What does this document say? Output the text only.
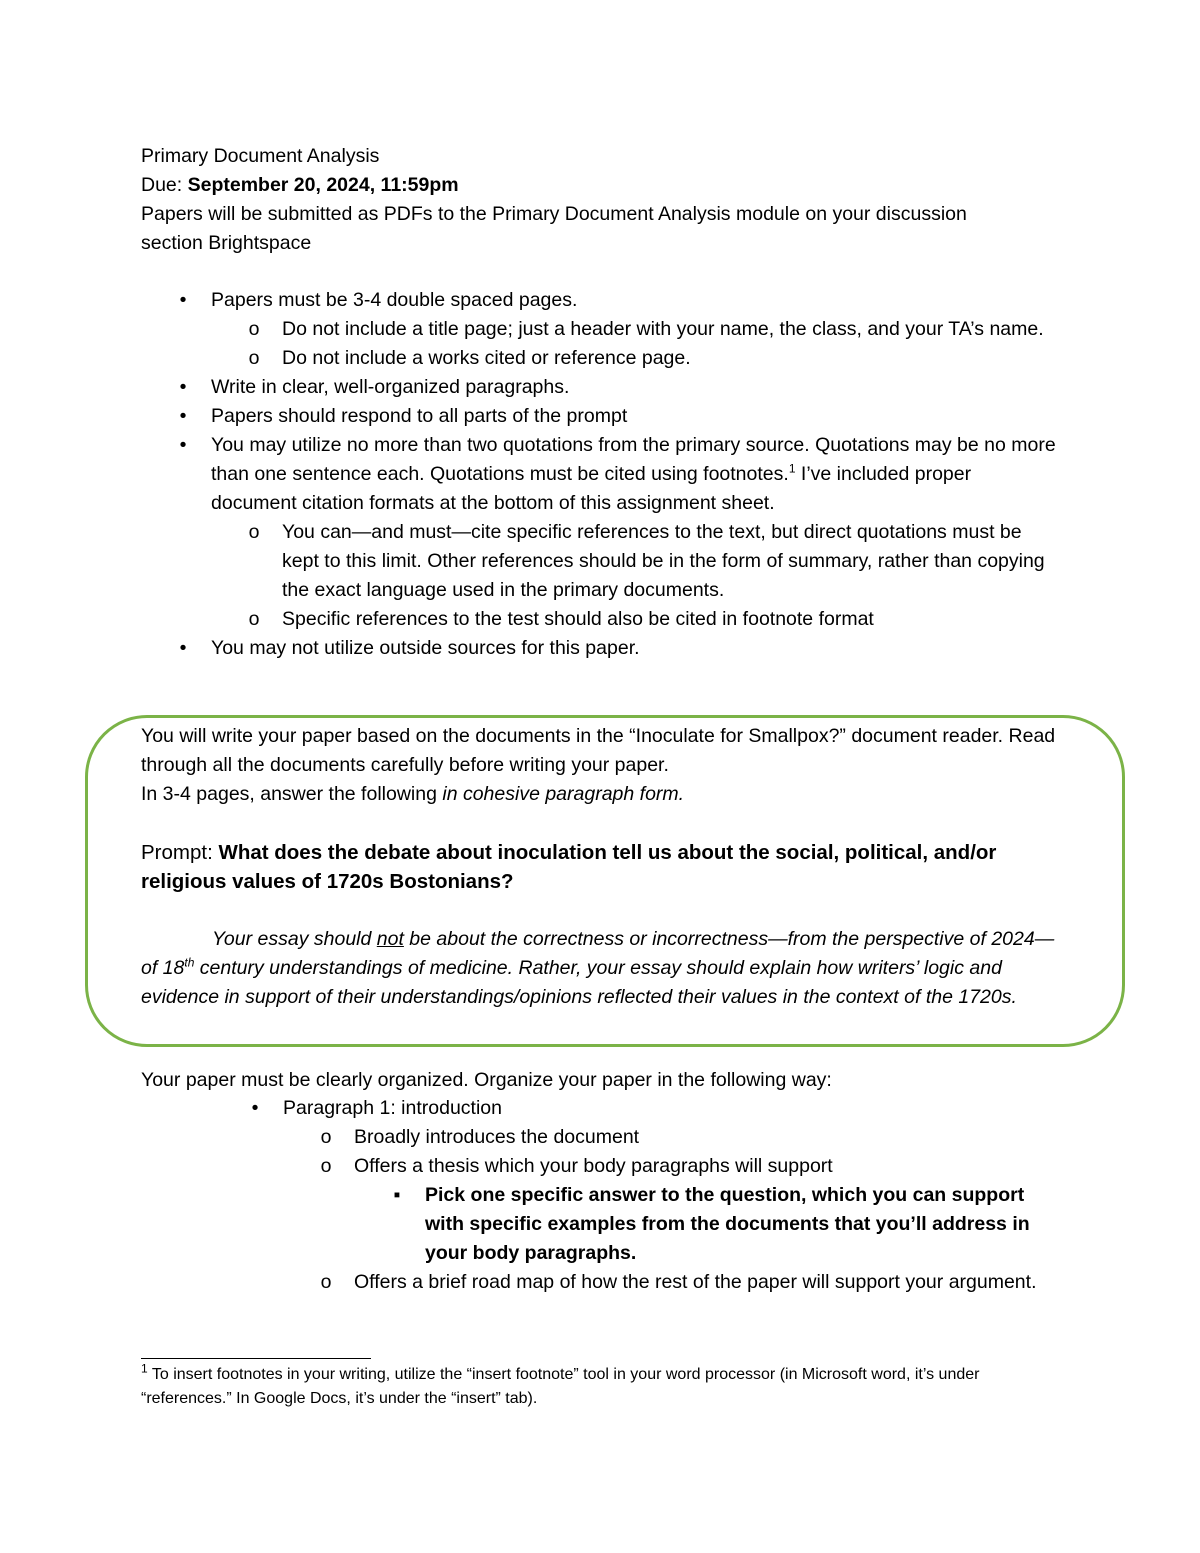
Primary Document Analysis
Due: September 20, 2024, 11:59pm
Papers will be submitted as PDFs to the Primary Document Analysis module on your discussion
section Brightspace
•	Papers must be 3-4 double spaced pages.
o Do not include a title page; just a header with your name, the class, and your TA’s name.
o Do not include a works cited or reference page.
•	Write in clear, well-organized paragraphs.
•	Papers should respond to all parts of the prompt
•	You may utilize no more than two quotations from the primary source. Quotations may be no more than one sentence each. Quotations must be cited using footnotes.$^1$ I’ve included proper document citation formats at the bottom of this assignment sheet.
o You can—and must—cite specific references to the text, but direct quotations must be kept to this limit. Other references should be in the form of summary, rather than copying the exact language used in the primary documents.
o Specific references to the test should also be cited in footnote format
•	You may not utilize outside sources for this paper.
You will write your paper based on the documents in the “Inoculate for Smallpox?” document reader. Read through all the documents carefully before writing your paper.
In 3-4 pages, answer the following in cohesive paragraph form.
Prompt: What does the debate about inoculation tell us about the social, political, and/or religious values of 1720s Bostonians?
Your essay should not be about the correctness or incorrectness—from the perspective of 2024—of 18th century understandings of medicine. Rather, your essay should explain how writers’ logic and evidence in support of their understandings/opinions reflected their values in the context of the 1720s.
Your paper must be clearly organized. Organize your paper in the following way:
•	Paragraph 1: introduction
o Broadly introduces the document
o Offers a thesis which your body paragraphs will support
▪	Pick one specific answer to the question, which you can support with specific examples from the documents that you’ll address in your body paragraphs.
o Offers a brief road map of how the rest of the paper will support your argument.
$^1$ To insert footnotes in your writing, utilize the “insert footnote” tool in your word processor (in Microsoft word, it’s under “references.” In Google Docs, it’s under the “insert” tab).
